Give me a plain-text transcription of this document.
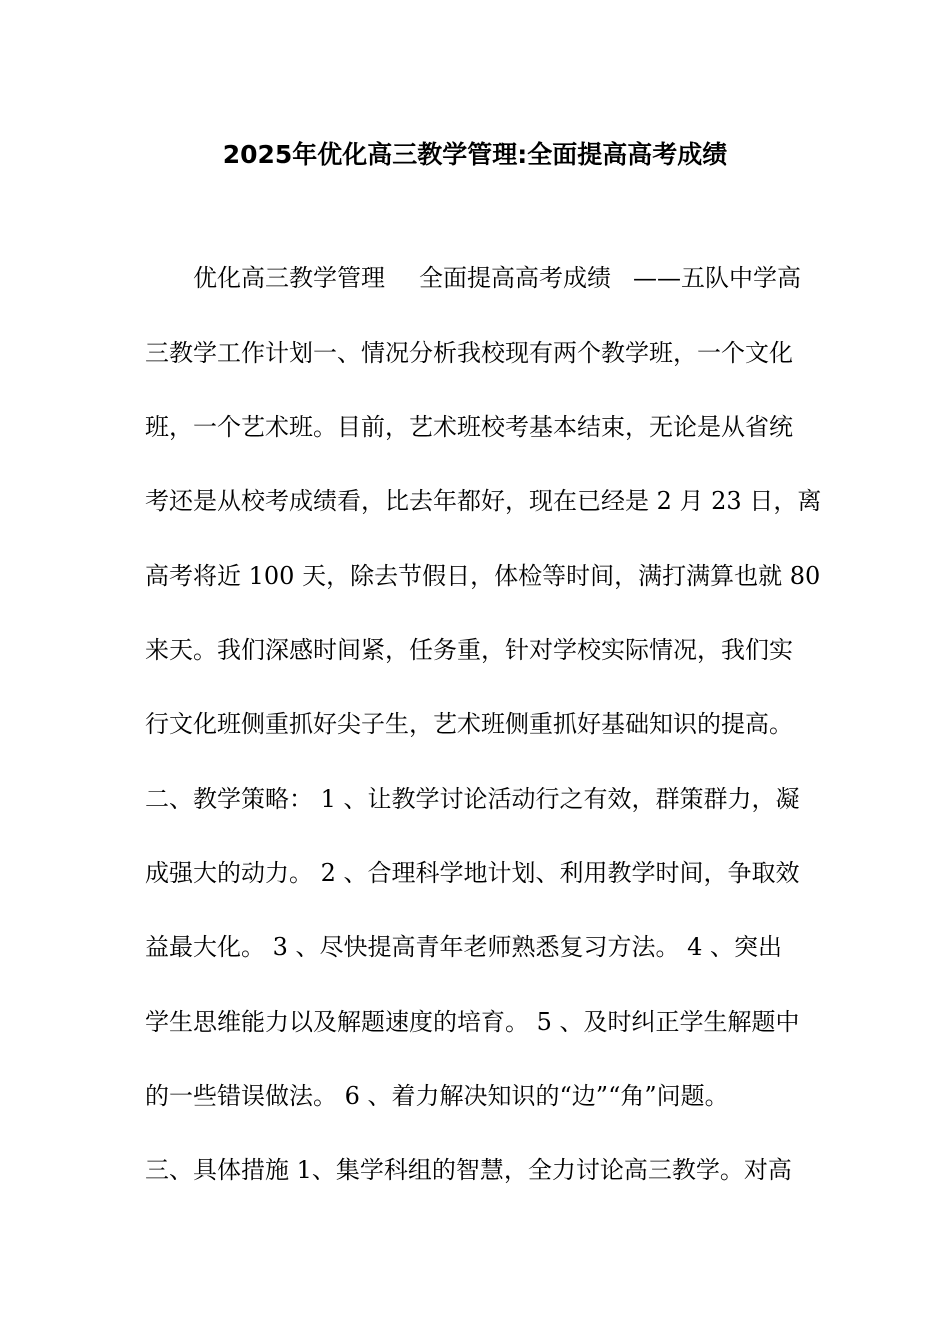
2025年优化高三教学管理:全面提高高考成绩

优化高三教学管理 全面提高高考成绩 ——五队中学高

三教学工作计划一、情况分析我校现有两个教学班，一个文化

班，一个艺术班。目前，艺术班校考基本结束，无论是从省统

考还是从校考成绩看，比去年都好，现在已经是 2 月 23 日，离

高考将近 100 天，除去节假日，体检等时间，满打满算也就 80

来天。我们深感时间紧，任务重，针对学校实际情况，我们实

行文化班侧重抓好尖子生，艺术班侧重抓好基础知识的提高。

二、教学策略： 1 、让教学讨论活动行之有效，群策群力，凝

成强大的动力。 2 、合理科学地计划、利用教学时间，争取效

益最大化。 3 、尽快提高青年老师熟悉复习方法。 4 、突出

学生思维能力以及解题速度的培育。 5 、及时纠正学生解题中

的一些错误做法。 6 、着力解决知识的“边”“角”问题。

三、具体措施 1、集学科组的智慧，全力讨论高三教学。对高
